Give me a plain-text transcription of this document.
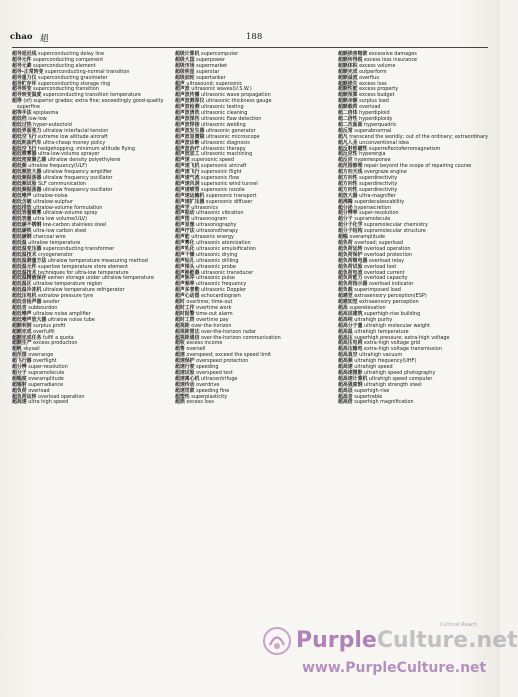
chao 超	188
超导延迟线 superconducting delay line
超导元件 superconducting component
超导元素 superconducting element
超导-正常转变 superconducting-normal transition
超导重力仪 superconducting gravimeter
超导贮存环 superconducting storage ring
超导转变 superconducting transition
超导转变温度 superconducting transition temperature
超等 (of) superior grades; extra fine; exceedingly good-quality superfine
超等手法 epiplasma
超低档 low-low
超低过热 hyper-eutectoid
超低界面张力 ultralow interfacial tension
超低空飞行 extreme low altitude aircraft
超低耗油汽车 ultra-cheap money policy
超低空飞行 hedgehopping; minimum altitude flying
超低喷雾器 ultra-low-volume sprayer
超低密度聚乙烯 ultralow density polyethylene
超低频 ultralow frequency(ULF)
超低频放大器 ultralow frequency amplifier
超低频振荡器 ultralow frequency oscillator
超低频试验 SLF communication
超低频振荡器 ultralow frequency oscillator
超低噪声 ultralow-noise
超低含硫 ultralow-sulphur
超低排放 ultralow-volume formulation
超低容量喷雾 ultralow-volume spray
超低容量 ultra low volume(ULV)
超低碳不锈钢 low-carbon stainless steel
超低碳铁 ultra-low carbon steel
超低碳钢 charcoal wire
超低温 ultralow temperature
超低温变压器 superconducting transformer
超低温技术 cryogenerator
超低温测量方法 ultralow temperature measuring method
超低温元件 superlow temperature store element
超低温技术 techniques for ultra-low temperature
超低温精液保存 semen storage under ultralow temperature
超低温区 ultralow temperature region
超低温冷冻机 ultralow temperature refrigerator
超低压电机 extralow pressure tyre
超低音扬声器 woofer
超低音 subbourdon
超低噪声 ultralow noise amplifier
超低噪声放大器 ultralow noise tube
超额利润 surplus profit
超额完成 overfulfil
超额完成任务 fulfil a quota
超额生产 excess production
超帆 skysail
超范围 overrange
超飞行器 overflight
超分辨 super-resolution
超分子 supramolecule
超幅度 overamplitude
超辐射 superradiance
超负荷 overload
超负荷运转 overload operation
超高速 ultra high speed
超级计算机 supercomputer
超级大国 superpower
超级市场 supermarket
超级明星 superstar
超级油轮 supertanker
超声 ultrasound; supersonic
超声波 ultrasonic waves(U.S.W.)
超声波传播 ultrasonic wave propagation
超声波测厚仪 ultrasonic thickness gauge
超声波检测 ultrasonic testing
超声波清洗 ultrasonic cleaning
超声波探伤 ultrasonic flaw detection
超声波焊接 ultrasonic welding
超声波发生器 ultrasonic generator
超声波显微镜 ultrasonic microscope
超声波诊断 ultrasonic diagnosis
超声波治疗 ultrasonic therapy
超声波加工 ultrasonic machining
超声速 supersonic speed
超声速飞机 supersonic aircraft
超声速飞行 supersonic flight
超声速气流 supersonic flow
超声速风洞 supersonic wind tunnel
超声速喷管 supersonic nozzle
超声速运输机 supersonic transport
超声速扩压器 supersonic diffuser
超声学 ultrasonics
超声振动 ultrasonic vibration
超声图 ultrasonogram
超声显像 ultrasonography
超声疗法 ultrasonotherapy
超声能 ultrasonic energy
超声雾化 ultrasonic atomization
超声乳化 ultrasonic emulsification
超声干燥 ultrasonic drying
超声钻孔 ultrasonic drilling
超声探头 ultrasonic probe
超声换能器 ultrasonic transducer
超声脉冲 ultrasonic pulse
超声频率 ultrasonic frequency
超声多普勒 ultrasonic Doppler
超声心动图 echocardiogram
超时 overtime; time-out
超时工作 overtime work
超时报警 time-out alarm
超时工资 overtime pay
超视距 over-the-horizon
超视距雷达 over-the-horizon radar
超视距通信 over-the-horizon communication
超收 excess income
超售 oversell
超速 overspeed; exceed the speed limit
超速保护 overspeed protection
超速行驶 speeding
超速试验 overspeed test
超速离心机 ultracentrifuge
超速传动 overdrive
超速罚款 speeding fine
超塑性 superplasticity
超损 excess loss
超额损害赔款 excessive damages
超额所得税 excess loss insurance
超额体积 excess volume
超额完成 outperform
超额溢流 overflux
超额损失 excess loss
超额性能 excess property
超额预算 excess budget
超额余额 surplus load
超额载荷 overload
超二倍体 hyperdiploid
超二倍性 hyperdiploidy
超二次曲面 hyperquadric
超反常 superabnormal
超凡 transcend the worldly; out of the ordinary; extraordinary
超凡入圣 unconventional idea
超反射铁磁性 superreflectoferromagnetism
超反应性 hyperergia
超反应 hyperresponse
超范围修理 repair beyond the scope of repairing course
超方向天线 overgraze engine
超方向性 superdirectivity
超方向性 superdirectivity
超方向性 superdirectivity
超放大器 ultra-magnifier
超沸腾 superdecalescability
超分泌 hypersecretion
超分辨率 super-resolution
超分子 supramolecule
超分子化学 supramolecular chemistry
超分子结构 supramolecular structure
超幅 overamplitude
超负荷 overload; superload
超负荷运转 overload operation
超负荷保护 overload protection
超负荷继电器 overload relay
超负荷试验 overload test
超负荷电流 overload current
超负荷能力 overload capacity
超负荷指示器 overload indicator
超负载 superimposed load
超感觉 extrasensory perception(ESP)
超感知觉 extrasensory perception
超高 superelevation
超高层建筑 superhigh-rise building
超高纯 ultrahigh purity
超高分子量 ultrahigh molecular weight
超高温 ultrahigh temperature
超高压 superhigh pressure; extra-high voltage
超高压电网 extra-high voltage grid
超高压输电 extra-high voltage transmission
超高真空 ultrahigh vacuum
超高频 ultrahigh frequency(UHF)
超高速 ultrahigh speed
超高速摄影 ultrahigh speed photography
超高速计算机 ultrahigh speed computer
超高强度钢 ultrahigh strength steel
超高层 superhigh-rise
超高音 supertreble
超高倍 superhigh magnification
PurpleCulture.net
Cultural Reach
www.PurpleCulture.net
